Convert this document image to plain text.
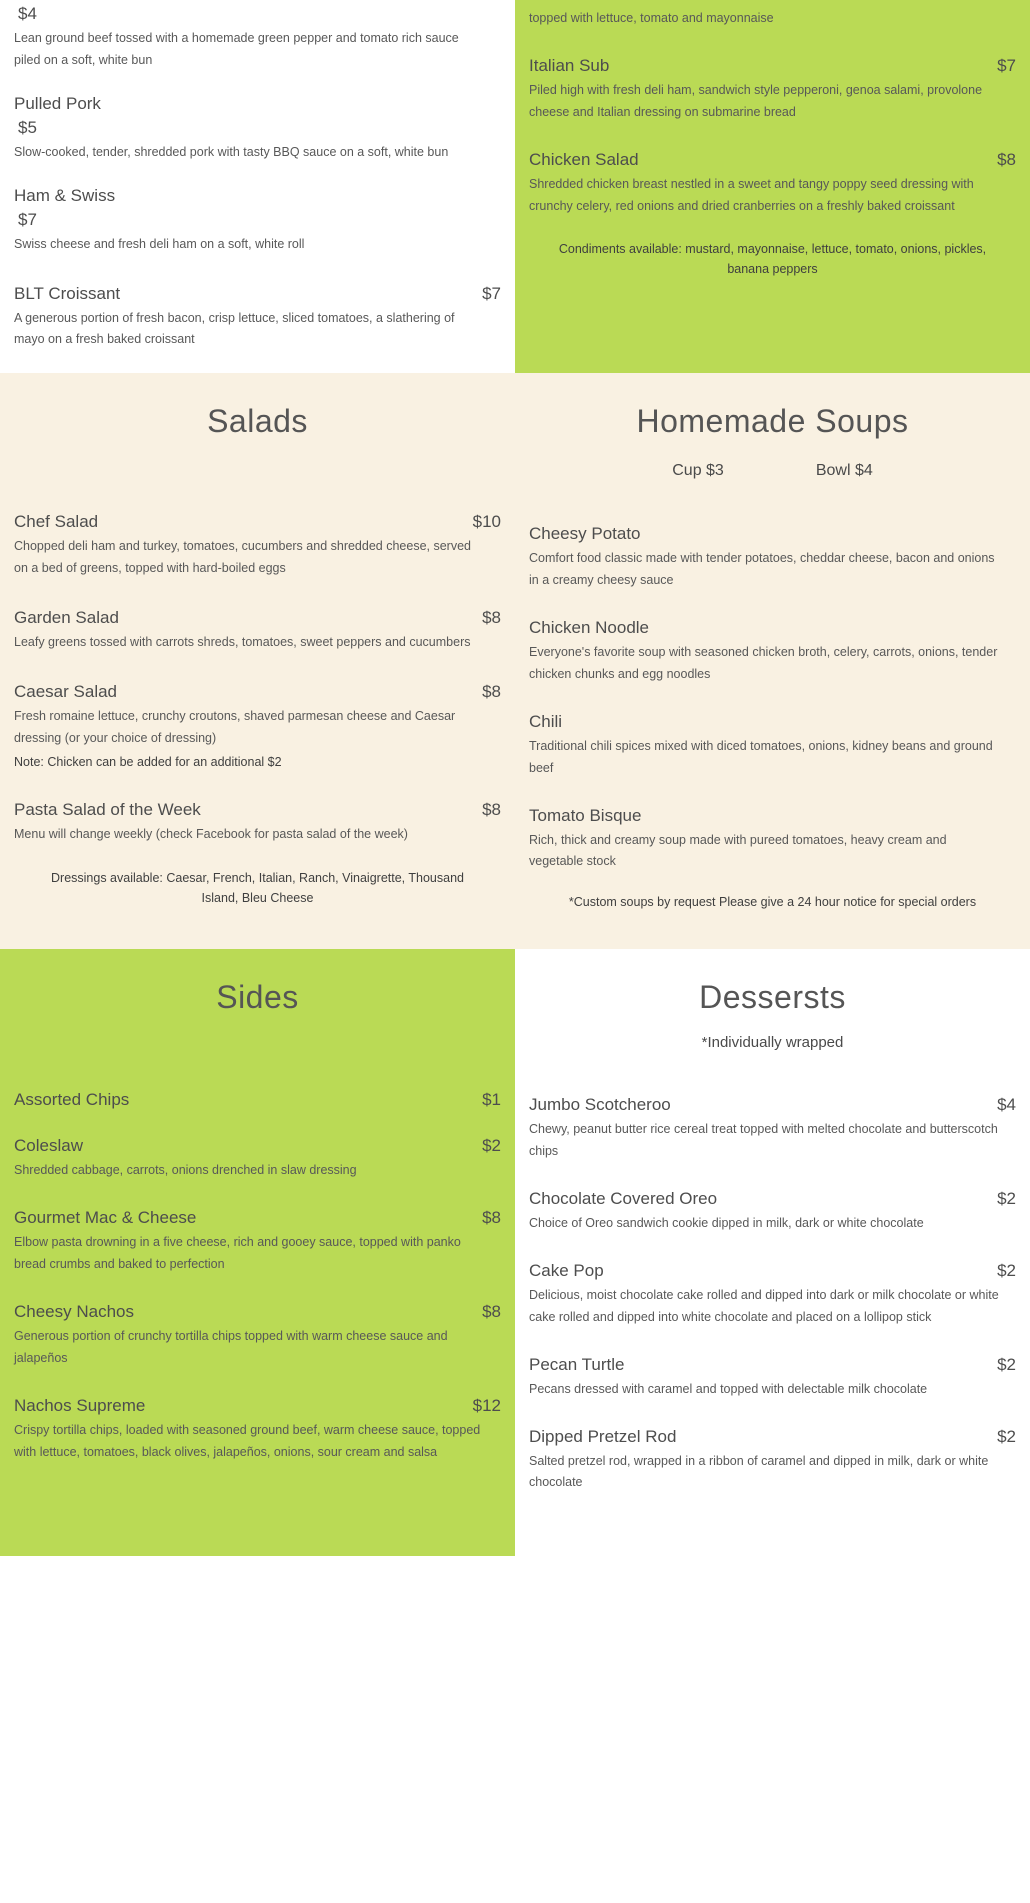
$4
Lean ground beef tossed with a homemade green pepper and tomato rich sauce piled on a soft, white bun
Pulled Pork
$5
Slow-cooked, tender, shredded pork with tasty BBQ sauce on a soft, white bun
Ham & Swiss
$7
Swiss cheese and fresh deli ham on a soft, white roll
BLT Croissant	$7
A generous portion of fresh bacon, crisp lettuce, sliced tomatoes, a slathering of mayo on a fresh baked croissant
topped with lettuce, tomato and mayonnaise
Italian Sub	$7
Piled high with fresh deli ham, sandwich style pepperoni, genoa salami, provolone cheese and Italian dressing on submarine bread
Chicken Salad	$8
Shredded chicken breast nestled in a sweet and tangy poppy seed dressing with crunchy celery, red onions and dried cranberries on a freshly baked croissant
Condiments available: mustard, mayonnaise, lettuce, tomato, onions, pickles, banana peppers
Salads
Chef Salad	$10
Chopped deli ham and turkey, tomatoes, cucumbers and shredded cheese, served on a bed of greens, topped with hard-boiled eggs
Garden Salad	$8
Leafy greens tossed with carrots shreds, tomatoes, sweet peppers and cucumbers
Caesar Salad	$8
Fresh romaine lettuce, crunchy croutons, shaved parmesan cheese and Caesar dressing (or your choice of dressing)
Note: Chicken can be added for an additional $2
Pasta Salad of the Week	$8
Menu will change weekly (check Facebook for pasta salad of the week)
Dressings available: Caesar, French, Italian, Ranch, Vinaigrette, Thousand Island, Bleu Cheese
Homemade Soups
Cup $3	Bowl $4
Cheesy Potato
Comfort food classic made with tender potatoes, cheddar cheese, bacon and onions in a creamy cheesy sauce
Chicken Noodle
Everyone's favorite soup with seasoned chicken broth, celery, carrots, onions, tender chicken chunks and egg noodles
Chili
Traditional chili spices mixed with diced tomatoes, onions, kidney beans and ground beef
Tomato Bisque
Rich, thick and creamy soup made with pureed tomatoes, heavy cream and vegetable stock
*Custom soups by request Please give a 24 hour notice for special orders
Sides
Assorted Chips	$1
Coleslaw	$2
Shredded cabbage, carrots, onions drenched in slaw dressing
Gourmet Mac & Cheese	$8
Elbow pasta drowning in a five cheese, rich and gooey sauce, topped with panko bread crumbs and baked to perfection
Cheesy Nachos	$8
Generous portion of crunchy tortilla chips topped with warm cheese sauce and jalapeños
Nachos Supreme	$12
Crispy tortilla chips, loaded with seasoned ground beef, warm cheese sauce, topped with lettuce, tomatoes, black olives, jalapeños, onions, sour cream and salsa
Dessersts
*Individually wrapped
Jumbo Scotcheroo	$4
Chewy, peanut butter rice cereal treat topped with melted chocolate and butterscotch chips
Chocolate Covered Oreo	$2
Choice of Oreo sandwich cookie dipped in milk, dark or white chocolate
Cake Pop	$2
Delicious, moist chocolate cake rolled and dipped into dark or milk chocolate or white cake rolled and dipped into white chocolate and placed on a lollipop stick
Pecan Turtle	$2
Pecans dressed with caramel and topped with delectable milk chocolate
Dipped Pretzel Rod	$2
Salted pretzel rod, wrapped in a ribbon of caramel and dipped in milk, dark or white chocolate
